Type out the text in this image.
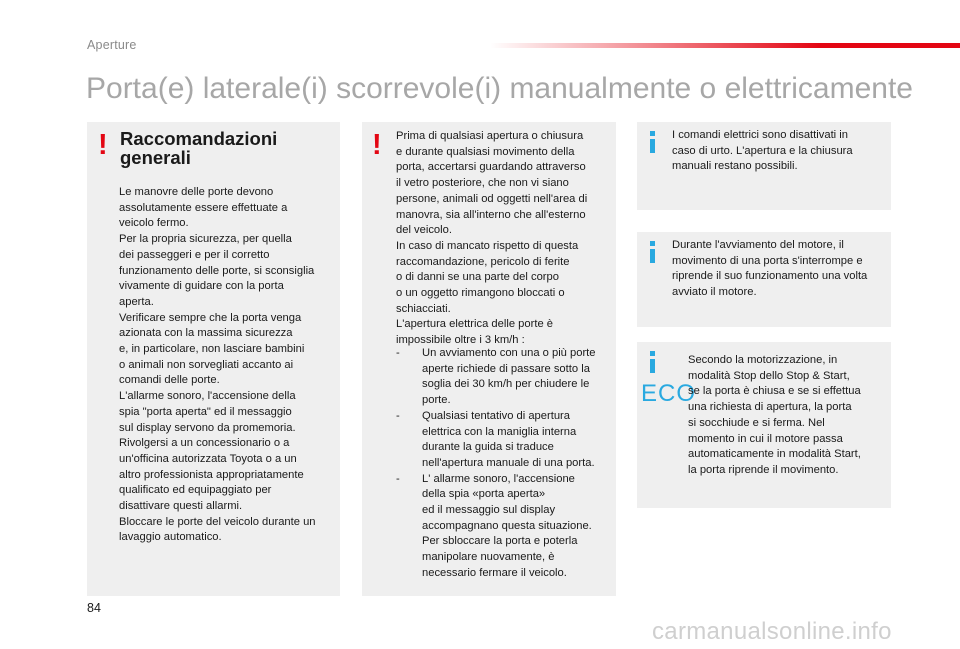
Aperture
Porta(e) laterale(i) scorrevole(i) manualmente o elettricamente
! Raccomandazioni
generali
Le manovre delle porte devono
assolutamente essere effettuate a
veicolo fermo.
Per la propria sicurezza, per quella
dei passeggeri e per il corretto
funzionamento delle porte, si sconsiglia
vivamente di guidare con la porta
aperta.
Verificare sempre che la porta venga
azionata con la massima sicurezza
e, in particolare, non lasciare bambini
o animali non sorvegliati accanto ai
comandi delle porte.
L'allarme sonoro, l'accensione della
spia "porta aperta" ed il messaggio
sul display servono da promemoria.
Rivolgersi a un concessionario o a
un'officina autorizzata Toyota o a un
altro professionista appropriatamente
qualificato ed equipaggiato per
disattivare questi allarmi.
Bloccare le porte del veicolo durante un
lavaggio automatico.
! Prima di qualsiasi apertura o chiusura
e durante qualsiasi movimento della
porta, accertarsi guardando attraverso
il vetro posteriore, che non vi siano
persone, animali od oggetti nell'area di
manovra, sia all'interno che all'esterno
del veicolo.
In caso di mancato rispetto di questa
raccomandazione, pericolo di ferite
o di danni se una parte del corpo
o un oggetto rimangono bloccati o
schiacciati.
L'apertura elettrica delle porte è
impossibile oltre i 3 km/h :
- Un avviamento con una o più porte
aperte richiede di passare sotto la
soglia dei 30 km/h per chiudere le
porte.
- Qualsiasi tentativo di apertura
elettrica con la maniglia interna
durante la guida si traduce
nell'apertura manuale di una porta.
- L' allarme sonoro, l'accensione
della spia «porta aperta»
ed il messaggio sul display
accompagnano questa situazione.
Per sbloccare la porta e poterla
manipolare nuovamente, è
necessario fermare il veicolo.
I comandi elettrici sono disattivati in
caso di urto. L'apertura e la chiusura
manuali restano possibili.
Durante l'avviamento del motore, il
movimento di una porta s'interrompe e
riprende il suo funzionamento una volta
avviato il motore.
ECO
Secondo la motorizzazione, in
modalità Stop dello Stop & Start,
se la porta è chiusa e se si effettua
una richiesta di apertura, la porta
si socchiude e si ferma. Nel
momento in cui il motore passa
automaticamente in modalità Start,
la porta riprende il movimento.
84
carmanualsonline.info
